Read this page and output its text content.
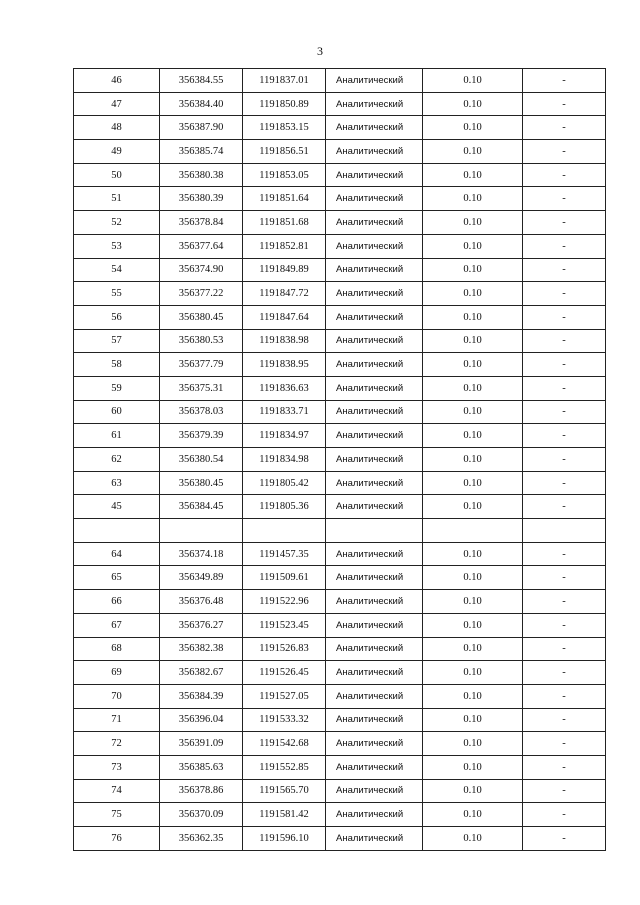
3
46	356384.55	1191837.01	Аналитический	0.10	-
47	356384.40	1191850.89	Аналитический	0.10	-
48	356387.90	1191853.15	Аналитический	0.10	-
49	356385.74	1191856.51	Аналитический	0.10	-
50	356380.38	1191853.05	Аналитический	0.10	-
51	356380.39	1191851.64	Аналитический	0.10	-
52	356378.84	1191851.68	Аналитический	0.10	-
53	356377.64	1191852.81	Аналитический	0.10	-
54	356374.90	1191849.89	Аналитический	0.10	-
55	356377.22	1191847.72	Аналитический	0.10	-
56	356380.45	1191847.64	Аналитический	0.10	-
57	356380.53	1191838.98	Аналитический	0.10	-
58	356377.79	1191838.95	Аналитический	0.10	-
59	356375.31	1191836.63	Аналитический	0.10	-
60	356378.03	1191833.71	Аналитический	0.10	-
61	356379.39	1191834.97	Аналитический	0.10	-
62	356380.54	1191834.98	Аналитический	0.10	-
63	356380.45	1191805.42	Аналитический	0.10	-
45	356384.45	1191805.36	Аналитический	0.10	-

64	356374.18	1191457.35	Аналитический	0.10	-
65	356349.89	1191509.61	Аналитический	0.10	-
66	356376.48	1191522.96	Аналитический	0.10	-
67	356376.27	1191523.45	Аналитический	0.10	-
68	356382.38	1191526.83	Аналитический	0.10	-
69	356382.67	1191526.45	Аналитический	0.10	-
70	356384.39	1191527.05	Аналитический	0.10	-
71	356396.04	1191533.32	Аналитический	0.10	-
72	356391.09	1191542.68	Аналитический	0.10	-
73	356385.63	1191552.85	Аналитический	0.10	-
74	356378.86	1191565.70	Аналитический	0.10	-
75	356370.09	1191581.42	Аналитический	0.10	-
76	356362.35	1191596.10	Аналитический	0.10	-
